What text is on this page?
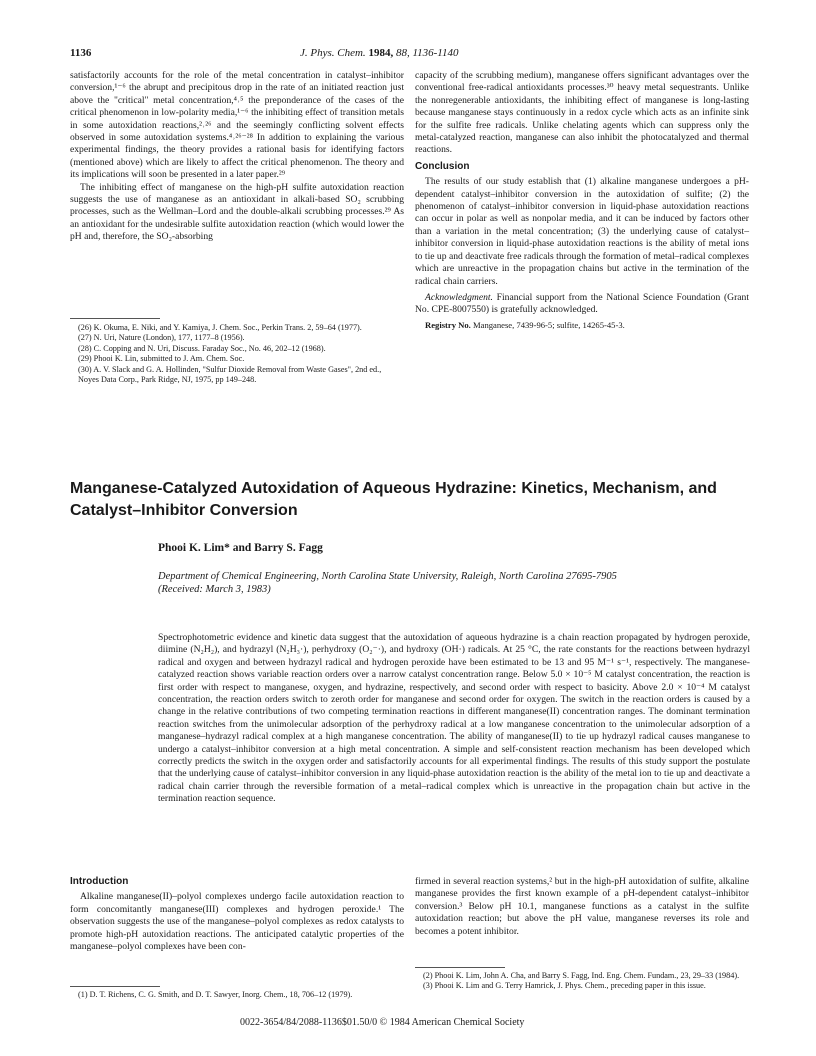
1136	J. Phys. Chem. 1984, 88, 1136-1140

satisfactorily accounts for the role of the metal concentration in catalyst–inhibitor conversion,¹⁻⁶ the abrupt and precipitous drop in the rate of an initiated reaction just above the "critical" metal concentration,⁴˒⁵ the preponderance of the cases of the critical phenomenon in low-polarity media,¹⁻⁶ the inhibiting effect of transition metals in some autoxidation reactions,²˒²⁶ and the seemingly conflicting solvent effects observed in some autoxidation systems.⁴˒²⁶⁻²⁸ In addition to explaining the various experimental findings, the theory provides a rational basis for identifying factors (mentioned above) which are likely to affect the critical phenomenon. The theory and its implications will soon be presented in a later paper.²⁹

The inhibiting effect of manganese on the high-pH sulfite autoxidation reaction suggests the use of manganese as an antioxidant in alkali-based SO₂ scrubbing processes, such as the Wellman–Lord and the double-alkali scrubbing processes.²⁹ As an antioxidant for the undesirable sulfite autoxidation reaction (which would lower the pH and, therefore, the SO₂-absorbing

(26) K. Okuma, E. Niki, and Y. Kamiya, J. Chem. Soc., Perkin Trans. 2, 59–64 (1977).

(27) N. Uri, Nature (London), 177, 1177–8 (1956).

(28) C. Copping and N. Uri, Discuss. Faraday Soc., No. 46, 202–12 (1968).

(29) Phooi K. Lin, submitted to J. Am. Chem. Soc.

(30) A. V. Slack and G. A. Hollinden, "Sulfur Dioxide Removal from Waste Gases", 2nd ed., Noyes Data Corp., Park Ridge, NJ, 1975, pp 149–248.

capacity of the scrubbing medium), manganese offers significant advantages over the conventional free-radical antioxidants processes.³⁰ heavy metal sequestrants. Unlike the nonregenerable antioxidants, the inhibiting effect of manganese is long-lasting because manganese stays continuously in a redox cycle which acts as an infinite sink for the sulfite free radicals. Unlike chelating agents which can suppress only the metal-catalyzed reaction, manganese can also inhibit the photocatalyzed and thermal reactions.

Conclusion

The results of our study establish that (1) alkaline manganese undergoes a pH-dependent catalyst–inhibitor conversion in the autoxidation of sulfite; (2) the phenomenon of catalyst–inhibitor conversion in liquid-phase autoxidation reactions can occur in polar as well as nonpolar media, and it can be induced by factors other than a variation in the metal concentration; (3) the underlying cause of catalyst–inhibitor conversion in liquid-phase autoxidation reactions is the ability of metal ions to tie up and deactivate free radicals through the formation of metal–radical complexes which are unreactive in the propagation chains but active in the termination of the radical chain carriers.

Acknowledgment. Financial support from the National Science Foundation (Grant No. CPE-8007550) is gratefully acknowledged.

Registry No. Manganese, 7439-96-5; sulfite, 14265-45-3.

Manganese-Catalyzed Autoxidation of Aqueous Hydrazine: Kinetics, Mechanism, and Catalyst–Inhibitor Conversion
Phooi K. Lim* and Barry S. Fagg
Department of Chemical Engineering, North Carolina State University, Raleigh, North Carolina 27695-7905
(Received: March 3, 1983)
Spectrophotometric evidence and kinetic data suggest that the autoxidation of aqueous hydrazine is a chain reaction propagated by hydrogen peroxide, diimine (N₂H₂), and hydrazyl (N₂H₃·), perhydroxy (O₂⁻·), and hydroxy (OH·) radicals. At 25 °C, the rate constants for the reactions between hydrazyl radical and oxygen and between hydrazyl radical and hydrogen peroxide have been estimated to be 13 and 95 M⁻¹ s⁻¹, respectively. The manganese-catalyzed reaction shows variable reaction orders over a narrow catalyst concentration range. Below 5.0 × 10⁻⁵ M catalyst concentration, the reaction is first order with respect to manganese, oxygen, and hydrazine, respectively, and second order with respect to basicity. Above 2.0 × 10⁻⁴ M catalyst concentration, the reaction orders switch to zeroth order for manganese and second order for oxygen. The switch in the reaction orders is caused by a change in the relative contributions of two competing termination reactions in different manganese(II) concentration ranges. The dominant termination reaction switches from the unimolecular adsorption of the perhydroxy radical at a low manganese concentration to the unimolecular adsorption of a manganese–hydrazyl radical complex at a high manganese concentration. The ability of manganese(II) to tie up hydrazyl radical causes manganese to undergo a catalyst–inhibitor conversion at a high metal concentration. A simple and self-consistent reaction mechanism has been developed which correctly predicts the switch in the oxygen order and satisfactorily accounts for all experimental findings. The results of this study support the postulate that the underlying cause of catalyst–inhibitor conversion in any liquid-phase autoxidation reaction is the ability of the metal ion to tie up and deactivate a radical chain carrier through the reversible formation of a metal–radical complex which is unreactive in the propagation chain but active in the termination reaction sequence.
Introduction

Alkaline manganese(II)–polyol complexes undergo facile autoxidation reaction to form concomitantly manganese(III) complexes and hydrogen peroxide.¹ The observation suggests the use of the manganese–polyol complexes as redox catalysts to promote high-pH autoxidation reactions. The anticipated catalytic properties of the manganese–polyol complexes have been con-

(1) D. T. Richens, C. G. Smith, and D. T. Sawyer, Inorg. Chem., 18, 706–12 (1979).

firmed in several reaction systems,² but in the high-pH autoxidation of sulfite, alkaline manganese provides the first known example of a pH-dependent catalyst–inhibitor conversion.³ Below pH 10.1, manganese functions as a catalyst in the sulfite autoxidation reaction; but above the pH value, manganese reverses its role and becomes a potent inhibitor.

(2) Phooi K. Lim, John A. Cha, and Barry S. Fagg, Ind. Eng. Chem. Fundam., 23, 29–33 (1984).

(3) Phooi K. Lim and G. Terry Hamrick, J. Phys. Chem., preceding paper in this issue.

0022-3654/84/2088-1136$01.50/0 © 1984 American Chemical Society
